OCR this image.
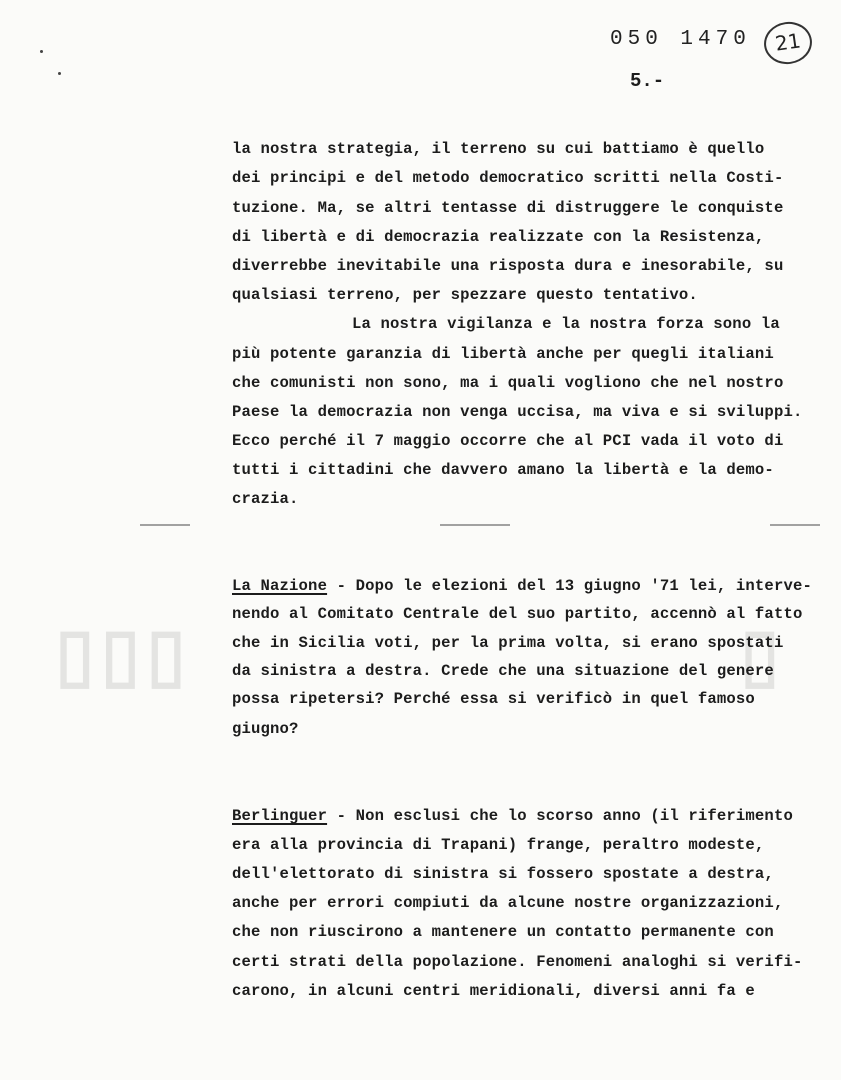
▯▯▯	▯
050 1470	21
5.-
la nostra strategia, il terreno su cui battiamo è quello
dei principi e del metodo democratico scritti nella Costi-
tuzione. Ma, se altri tentasse di distruggere le conquiste
di libertà e di democrazia realizzate con la Resistenza,
diverrebbe inevitabile una risposta dura e inesorabile, su
qualsiasi terreno, per spezzare questo tentativo.
La nostra vigilanza e la nostra forza sono la
più potente garanzia di libertà anche per quegli italiani
che comunisti non sono, ma i quali vogliono che nel nostro
Paese la democrazia non venga uccisa, ma viva e si sviluppi.
Ecco perché il 7 maggio occorre che al PCI vada il voto di
tutti i cittadini che davvero amano la libertà e la demo-
crazia.
La Nazione - Dopo le elezioni del 13 giugno '71 lei, interve-
nendo al Comitato Centrale del suo partito, accennò al fatto
che in Sicilia voti, per la prima volta, si erano spostati
da sinistra a destra. Crede che una situazione del genere
possa ripetersi? Perché essa si verificò in quel famoso
giugno?
Berlinguer - Non esclusi che lo scorso anno (il riferimento
era alla provincia di Trapani) frange, peraltro modeste,
dell'elettorato di sinistra si fossero spostate a destra,
anche per errori compiuti da alcune nostre organizzazioni,
che non riuscirono a mantenere un contatto permanente con
certi strati della popolazione. Fenomeni analoghi si verifi-
carono, in alcuni centri meridionali, diversi anni fa e
